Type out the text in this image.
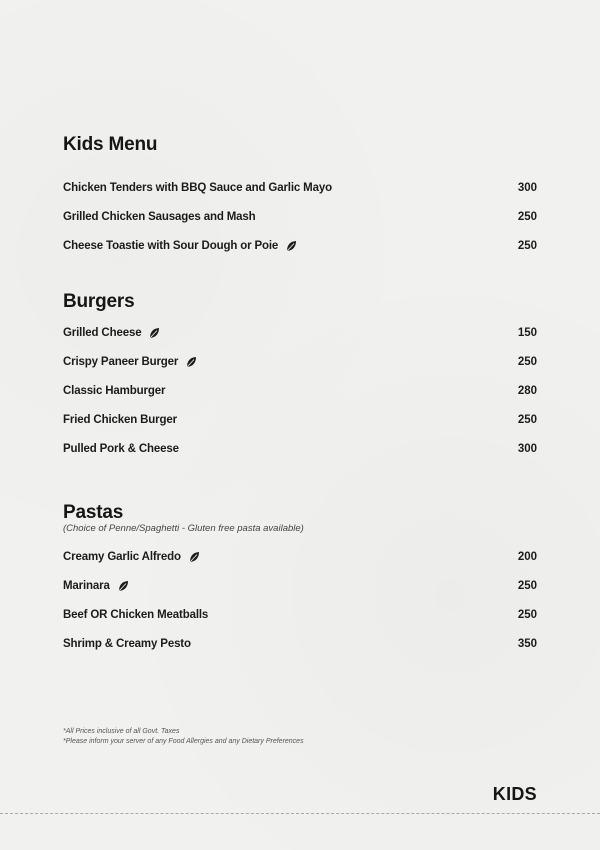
Kids Menu
Chicken Tenders with BBQ Sauce and Garlic Mayo	300
Grilled Chicken Sausages and Mash	250
Cheese Toastie with Sour Dough or Poie	250
Burgers
Grilled Cheese	150
Crispy Paneer Burger	250
Classic Hamburger	280
Fried Chicken Burger	250
Pulled Pork & Cheese	300
Pastas

(Choice of Penne/Spaghetti - Gluten free pasta available)

Creamy Garlic Alfredo	200
Marinara	250
Beef OR Chicken Meatballs	250
Shrimp & Creamy Pesto	350
*All Prices inclusive of all Govt. Taxes
*Please inform your server of any Food Allergies and any Dietary Preferences
KIDS
